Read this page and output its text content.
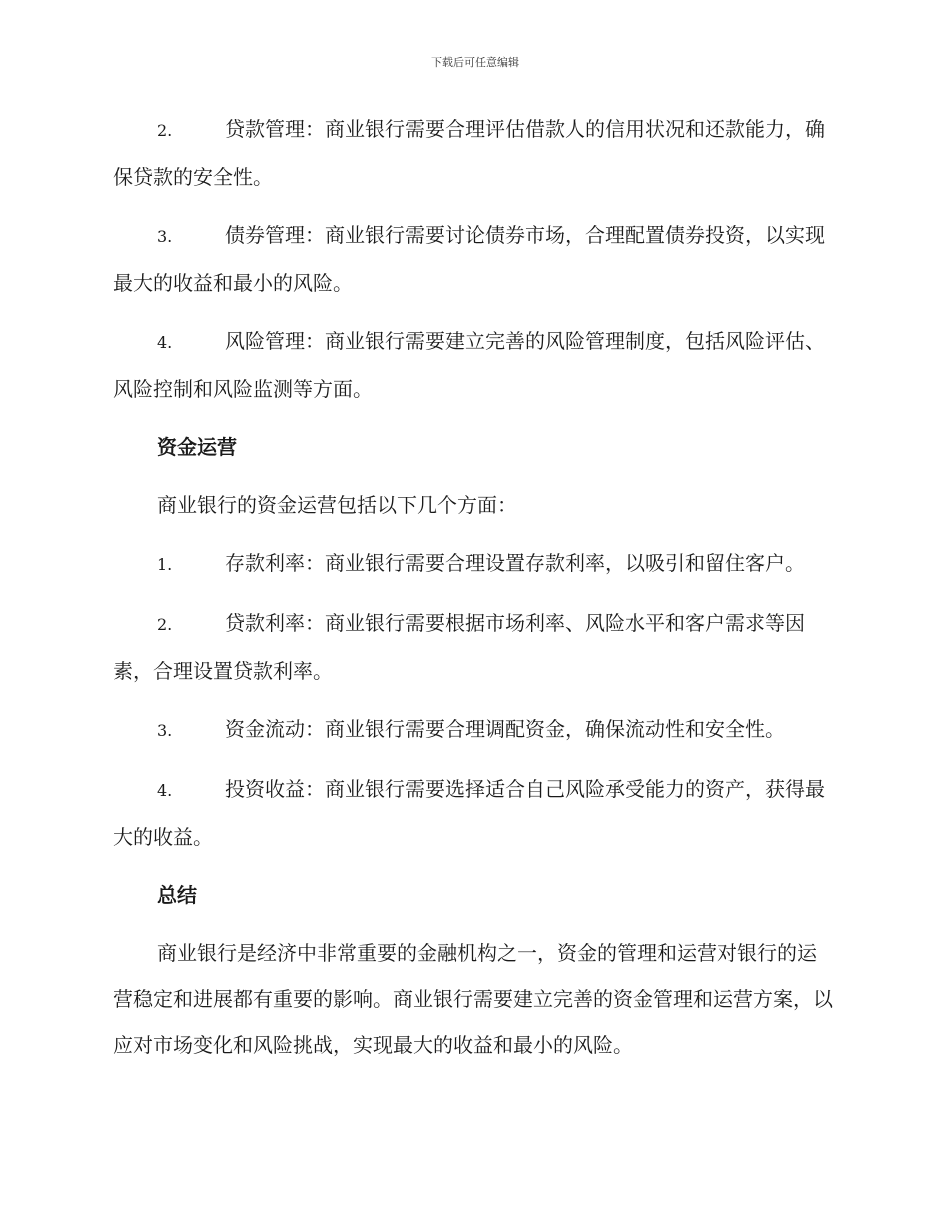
下载后可任意编辑

2.	贷款管理：商业银行需要合理评估借款人的信用状况和还款能力，确保贷款的安全性。

3.	债券管理：商业银行需要讨论债券市场，合理配置债券投资，以实现最大的收益和最小的风险。

4.	风险管理：商业银行需要建立完善的风险管理制度，包括风险评估、风险控制和风险监测等方面。

资金运营

商业银行的资金运营包括以下几个方面：

1.	存款利率：商业银行需要合理设置存款利率，以吸引和留住客户。

2.	贷款利率：商业银行需要根据市场利率、风险水平和客户需求等因素，合理设置贷款利率。

3.	资金流动：商业银行需要合理调配资金，确保流动性和安全性。

4.	投资收益：商业银行需要选择适合自己风险承受能力的资产，获得最大的收益。

总结

商业银行是经济中非常重要的金融机构之一，资金的管理和运营对银行的运营稳定和进展都有重要的影响。商业银行需要建立完善的资金管理和运营方案，以应对市场变化和风险挑战，实现最大的收益和最小的风险。
